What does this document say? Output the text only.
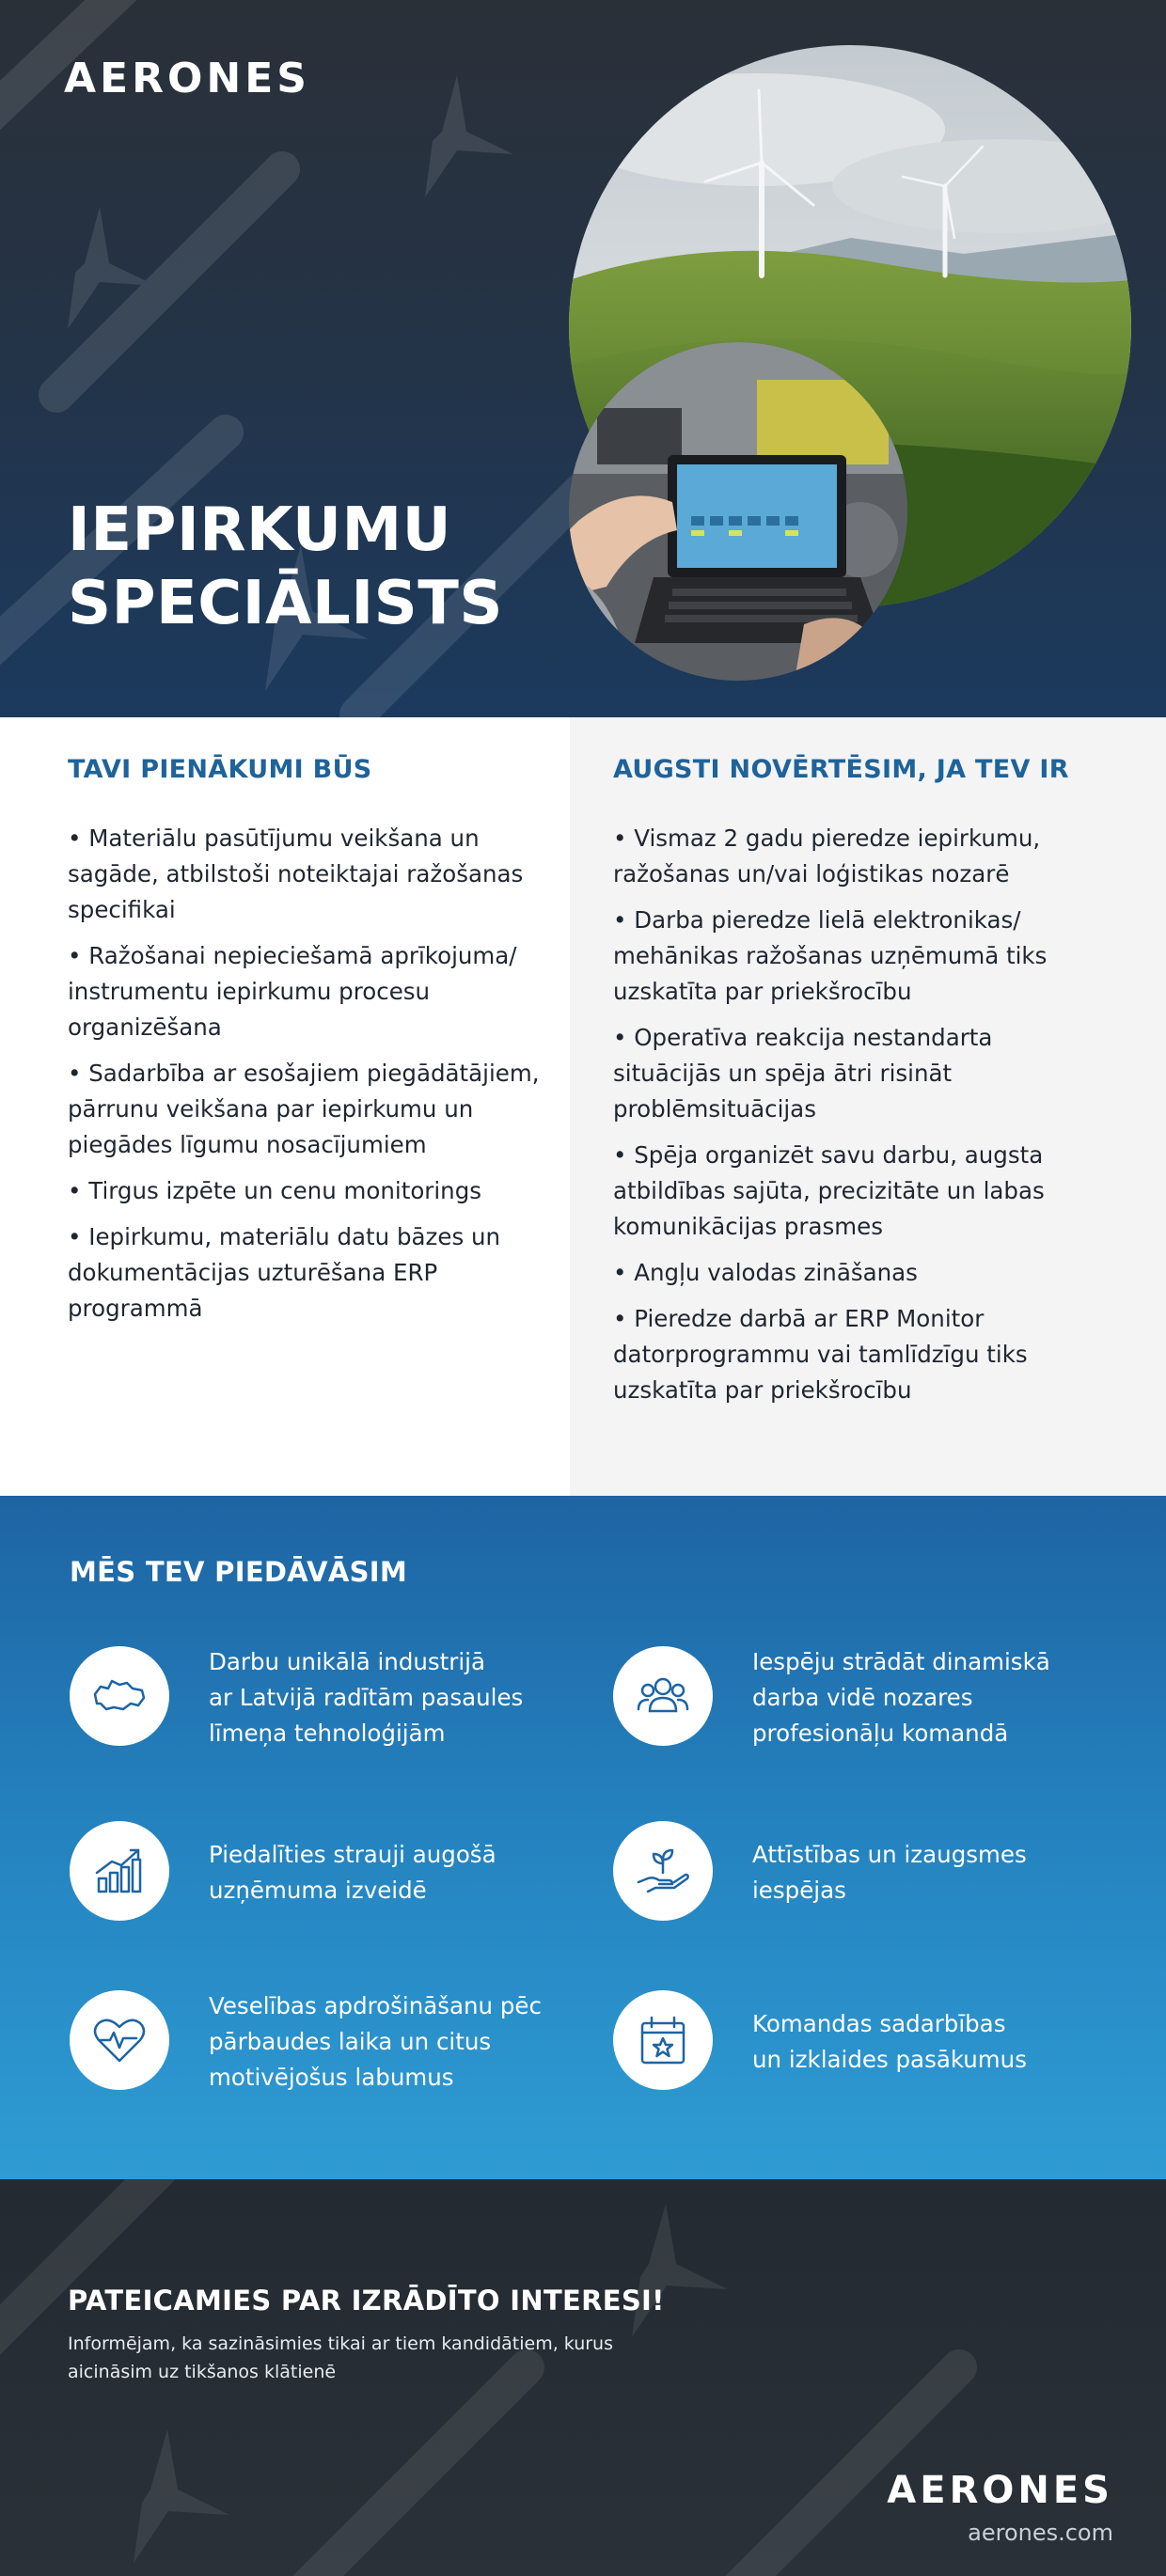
AERONES
IEPIRKUMU
SPECIĀLISTS
TAVI PIENĀKUMI BŪS
• Materiālu pasūtījumu veikšana un sagāde, atbilstoši noteiktajai ražošanas specifikai
• Ražošanai nepieciešamā aprīkojuma/ instrumentu iepirkumu procesu organizēšana
• Sadarbība ar esošajiem piegādātājiem, pārrunu veikšana par iepirkumu un piegādes līgumu nosacījumiem
• Tirgus izpēte un cenu monitorings
• Iepirkumu, materiālu datu bāzes un dokumentācijas uzturēšana ERP programmā
AUGSTI NOVĒRTĒSIM, JA TEV IR
• Vismaz 2 gadu pieredze iepirkumu, ražošanas un/vai loģistikas nozarē
• Darba pieredze lielā elektronikas/ mehānikas ražošanas uzņēmumā tiks uzskatīta par priekšrocību
• Operatīva reakcija nestandarta situācijās un spēja ātri risināt problēmsituācijas
• Spēja organizēt savu darbu, augsta atbildības sajūta, precizitāte un labas komunikācijas prasmes
• Angļu valodas zināšanas
• Pieredze darbā ar ERP Monitor datorprogrammu vai tamlīdzīgu tiks uzskatīta par priekšrocību
MĒS TEV PIEDĀVĀSIM
Darbu unikālā industrijā
ar Latvijā radītām pasaules
līmeņa tehnoloģijām
Iespēju strādāt dinamiskā
darba vidē nozares
profesionāļu komandā
Piedalīties strauji augošā
uzņēmuma izveidē
Attīstības un izaugsmes
iespējas
Veselības apdrošināšanu pēc
pārbaudes laika un citus
motivējošus labumus
Komandas sadarbības
un izklaides pasākumus
PATEICAMIES PAR IZRĀDĪTO INTERESI!
Informējam, ka sazināsimies tikai ar tiem kandidātiem, kurus
aicināsim uz tikšanos klātienē
AERONES
aerones.com
